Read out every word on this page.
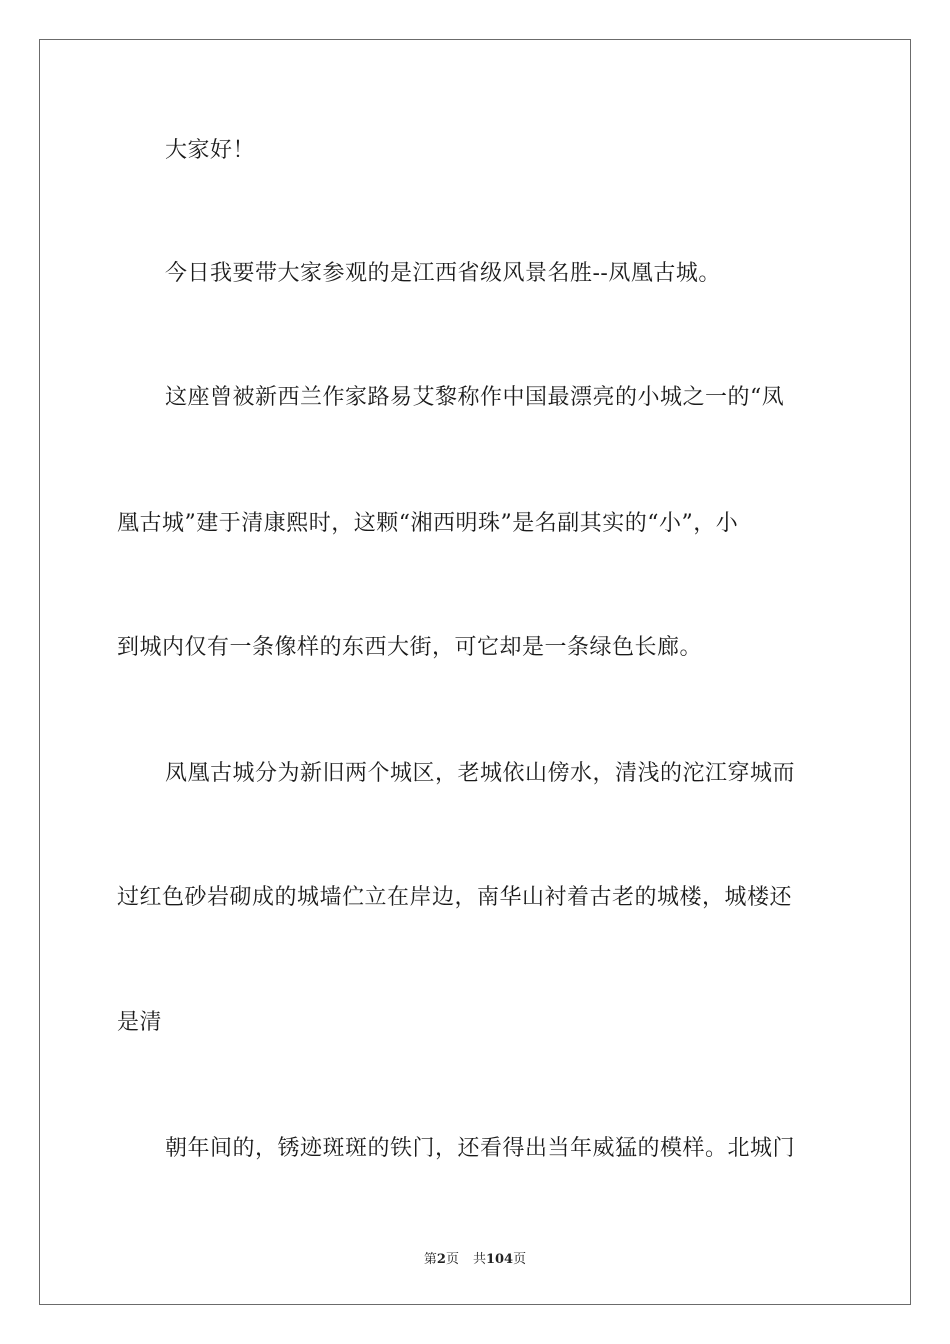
大家好！
今日我要带大家参观的是江西省级风景名胜--凤凰古城。
这座曾被新西兰作家路易艾黎称作中国最漂亮的小城之一的“凤
凰古城”建于清康熙时，这颗“湘西明珠”是名副其实的“小”，小
到城内仅有一条像样的东西大街，可它却是一条绿色长廊。
凤凰古城分为新旧两个城区，老城依山傍水，清浅的沱江穿城而
过红色砂岩砌成的城墙伫立在岸边，南华山衬着古老的城楼，城楼还
是清
朝年间的，锈迹斑斑的铁门，还看得出当年威猛的模样。北城门
第2页 共104页
